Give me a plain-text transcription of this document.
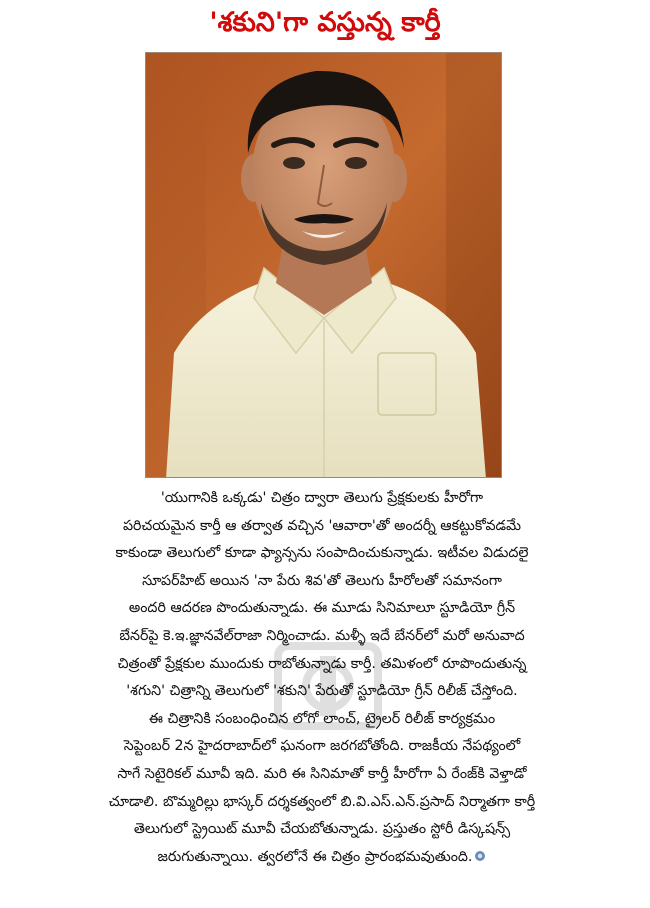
'శకుని'గా వస్తున్న కార్తీ
'యుగానికి ఒక్కడు' చిత్రం ద్వారా తెలుగు ప్రేక్షకులకు హీరోగా
పరిచయమైన కార్తీ ఆ తర్వాత వచ్చిన 'ఆవారా'తో అందర్నీ ఆకట్టుకోవడమే
కాకుండా తెలుగులో కూడా ఫ్యాన్సను సంపాదించుకున్నాడు. ఇటీవల విడుదలై
సూపర్‌హిట్ అయిన 'నా పేరు శివ'తో తెలుగు హీరోలతో సమానంగా
అందరి ఆదరణ పొందుతున్నాడు. ఈ మూడు సినిమాలూ స్టూడియో గ్రీన్
బేనర్‌పై కె.ఇ.జ్ఞానవేల్‌రాజా నిర్మించాడు. మళ్ళీ ఇదే బేనర్‌లో మరో అనువాద
చిత్రంతో ప్రేక్షకుల ముందుకు రాబోతున్నాడు కార్తీ. తమిళంలో రూపొందుతున్న
'శగుని' చిత్రాన్ని తెలుగులో 'శకుని' పేరుతో స్టూడియో గ్రీన్ రిలీజ్ చేస్తోంది.
ఈ చిత్రానికి సంబంధించిన లోగో లాంచ్, ట్రైలర్ రిలీజ్ కార్యక్రమం
సెప్టెంబర్ 2న హైదరాబాద్‌లో ఘనంగా జరగబోతోంది. రాజకీయ నేపథ్యంలో
సాగే సెటైరికల్ మూవీ ఇది. మరి ఈ సినిమాతో కార్తీ హీరోగా ఏ రేంజ్‌కి వెళ్తాడో
చూడాలి. బొమ్మరిల్లు భాస్కర్ దర్శకత్వంలో బి.వి.ఎస్.ఎన్.ప్రసాద్ నిర్మాతగా కార్తీ
తెలుగులో స్ట్రెయిట్ మూవీ చేయబోతున్నాడు. ప్రస్తుతం స్టోరీ డిస్కషన్స్
జరుగుతున్నాయి. త్వరలోనే ఈ చిత్రం ప్రారంభమవుతుంది.
